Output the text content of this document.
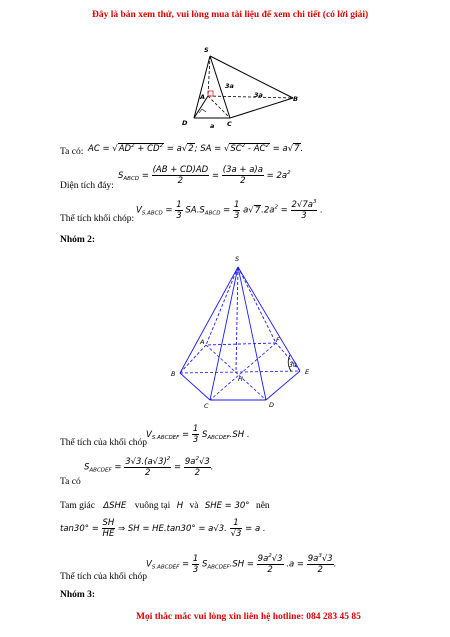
Đây là bản xem thử, vui lòng mua tài liệu để xem chi tiết (có lời giải)
S
A	B
C
D
3a
3a
a
Ta có: AC = $√AD^2 + CD^2 = a√2$; SA = $√SC^2 - AC^2 = a√7$.
Diện tích đáy:
$S_{ABCD} = \frac{(AB + CD)AD}{2} = \frac{(3a + a)a}{2} = 2a^2$
Thể tích khối chóp:
$V_{S.ABCD} = \frac{1}{3} SA.S_{ABCD} = \frac{1}{3} a√7.2a^2 = \frac{2√7a^3}{3}$ .
Nhóm 2:
S
A
B
C	D
E
F
H
30
Thể tích của khối chóp
$V_{S.ABCDEF} = \frac{1}{3} S_{ABCDEF}.SH$ .
Ta có
$S_{ABCDEF} = \frac{3√3.(a√3)^2}{2} = \frac{9a^2√3}{2}$ .
Tam giác ΔSHE vuông tại H và SHE = 30° nên
$\tan 30^\circ = \frac{SH}{HE}$ ⇒ SH = HE.tan30° = a√3. $\frac{1}{√3} = a$ .
Thể tích của khối chóp
$V_{S.ABCDEF} = \frac{1}{3} S_{ABCDEF}.SH = \frac{9a^2√3}{2} .a = \frac{9a^3√3}{2}$ .
Nhóm 3:
Mọi thắc mắc vui lòng xin liên hệ hotline: 084 283 45 85
